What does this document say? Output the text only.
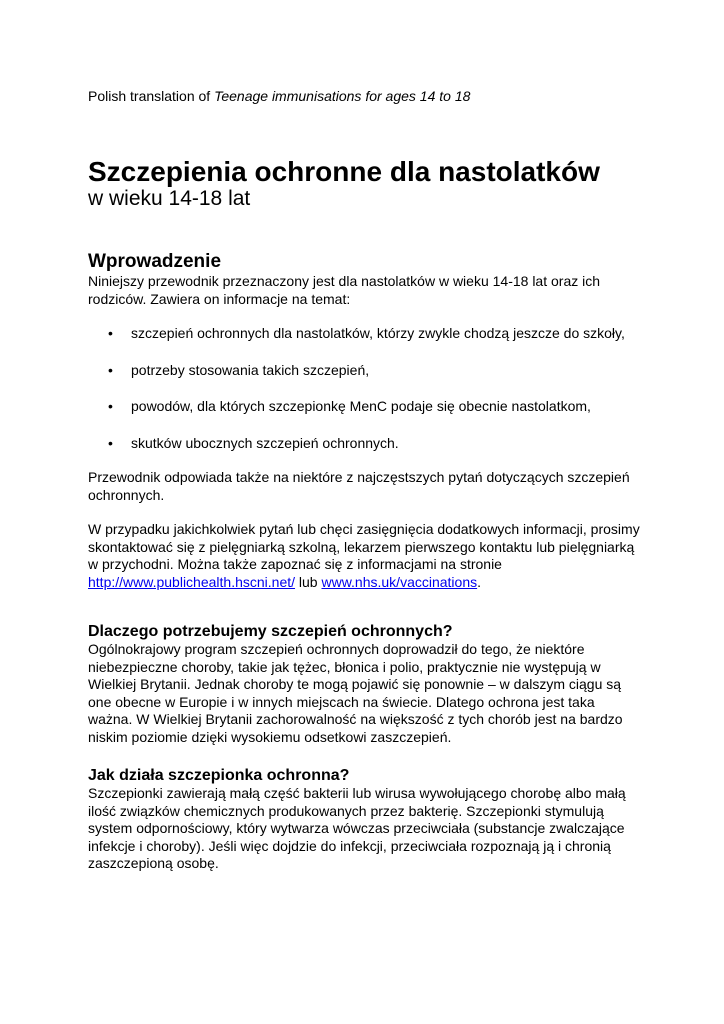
Polish translation of Teenage immunisations for ages 14 to 18

Szczepienia ochronne dla nastolatków
w wieku 14-18 lat
Wprowadzenie

Niniejszy przewodnik przeznaczony jest dla nastolatków w wieku 14-18 lat oraz ich rodziców. Zawiera on informacje na temat:

• szczepień ochronnych dla nastolatków, którzy zwykle chodzą jeszcze do szkoły,
• potrzeby stosowania takich szczepień,
• powodów, dla których szczepionkę MenC podaje się obecnie nastolatkom,
• skutków ubocznych szczepień ochronnych.

Przewodnik odpowiada także na niektóre z najczęstszych pytań dotyczących szczepień ochronnych.

W przypadku jakichkolwiek pytań lub chęci zasięgnięcia dodatkowych informacji, prosimy skontaktować się z pielęgniarką szkolną, lekarzem pierwszego kontaktu lub pielęgniarką w przychodni. Można także zapoznać się z informacjami na stronie http://www.publichealth.hscni.net/ lub www.nhs.uk/vaccinations.

Dlaczego potrzebujemy szczepień ochronnych?

Ogólnokrajowy program szczepień ochronnych doprowadził do tego, że niektóre niebezpieczne choroby, takie jak tężec, błonica i polio, praktycznie nie występują w Wielkiej Brytanii. Jednak choroby te mogą pojawić się ponownie – w dalszym ciągu są one obecne w Europie i w innych miejscach na świecie. Dlatego ochrona jest taka ważna. W Wielkiej Brytanii zachorowalność na większość z tych chorób jest na bardzo niskim poziomie dzięki wysokiemu odsetkowi zaszczepień.

Jak działa szczepionka ochronna?

Szczepionki zawierają małą część bakterii lub wirusa wywołującego chorobę albo małą ilość związków chemicznych produkowanych przez bakterię. Szczepionki stymulują system odpornościowy, który wytwarza wówczas przeciwciała (substancje zwalczające infekcje i choroby). Jeśli więc dojdzie do infekcji, przeciwciała rozpoznają ją i chronią zaszczepioną osobę.
